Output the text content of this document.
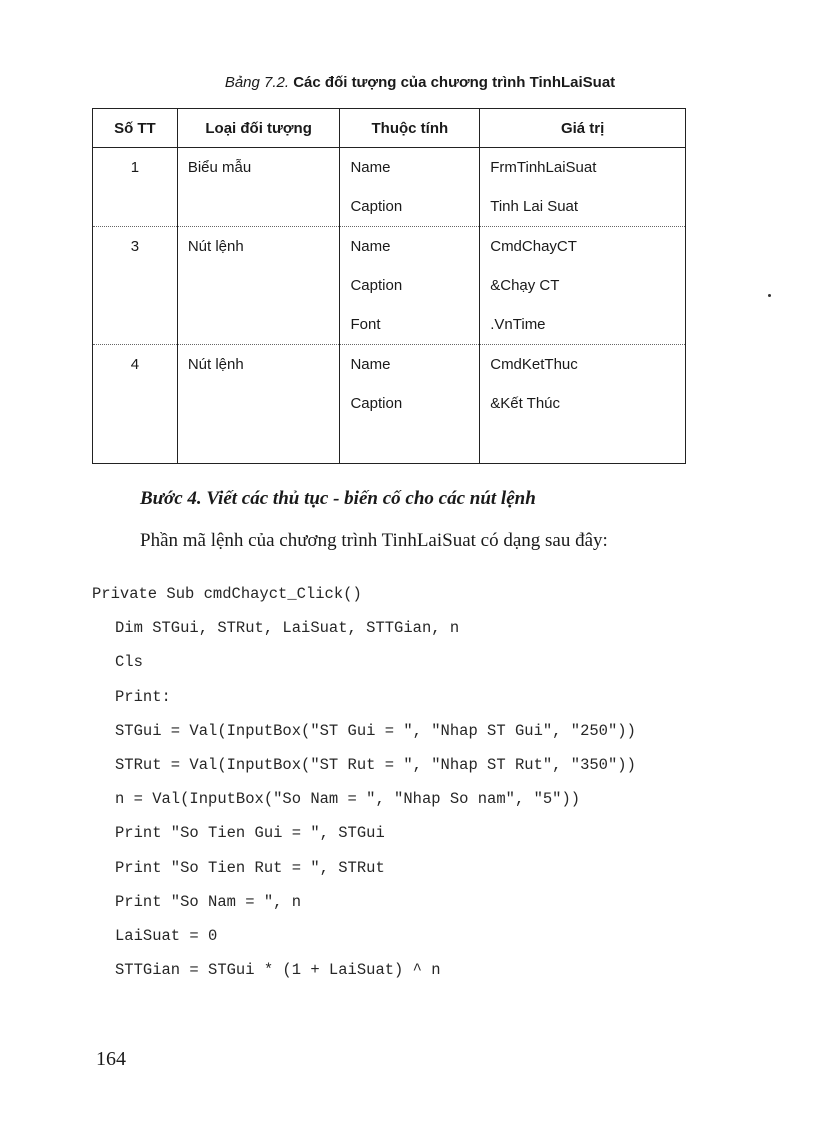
Bảng 7.2. Các đối tượng của chương trình TinhLaiSuat
Số TT	Loại đối tượng	Thuộc tính	Giá trị
1	Biểu mẫu	Name	FrmTinhLaiSuat
		Caption	Tinh Lai Suat
3	Nút lệnh	Name	CmdChayCT
		Caption	&Chạy CT
		Font	.VnTime
4	Nút lệnh	Name	CmdKetThuc
		Caption	&Kết Thúc

Bước 4. Viết các thủ tục - biến cố cho các nút lệnh
Phần mã lệnh của chương trình TinhLaiSuat có dạng sau đây:
Private Sub cmdChayct_Click()
Dim STGui, STRut, LaiSuat, STTGian, n
Cls
Print:
STGui = Val(InputBox("ST Gui = ", "Nhap ST Gui", "250"))
STRut = Val(InputBox("ST Rut = ", "Nhap ST Rut", "350"))
n = Val(InputBox("So Nam = ", "Nhap So nam", "5"))
Print "So Tien Gui = ", STGui
Print "So Tien Rut = ", STRut
Print "So Nam = ", n
LaiSuat = 0
STTGian = STGui * (1 + LaiSuat) ^ n
164
